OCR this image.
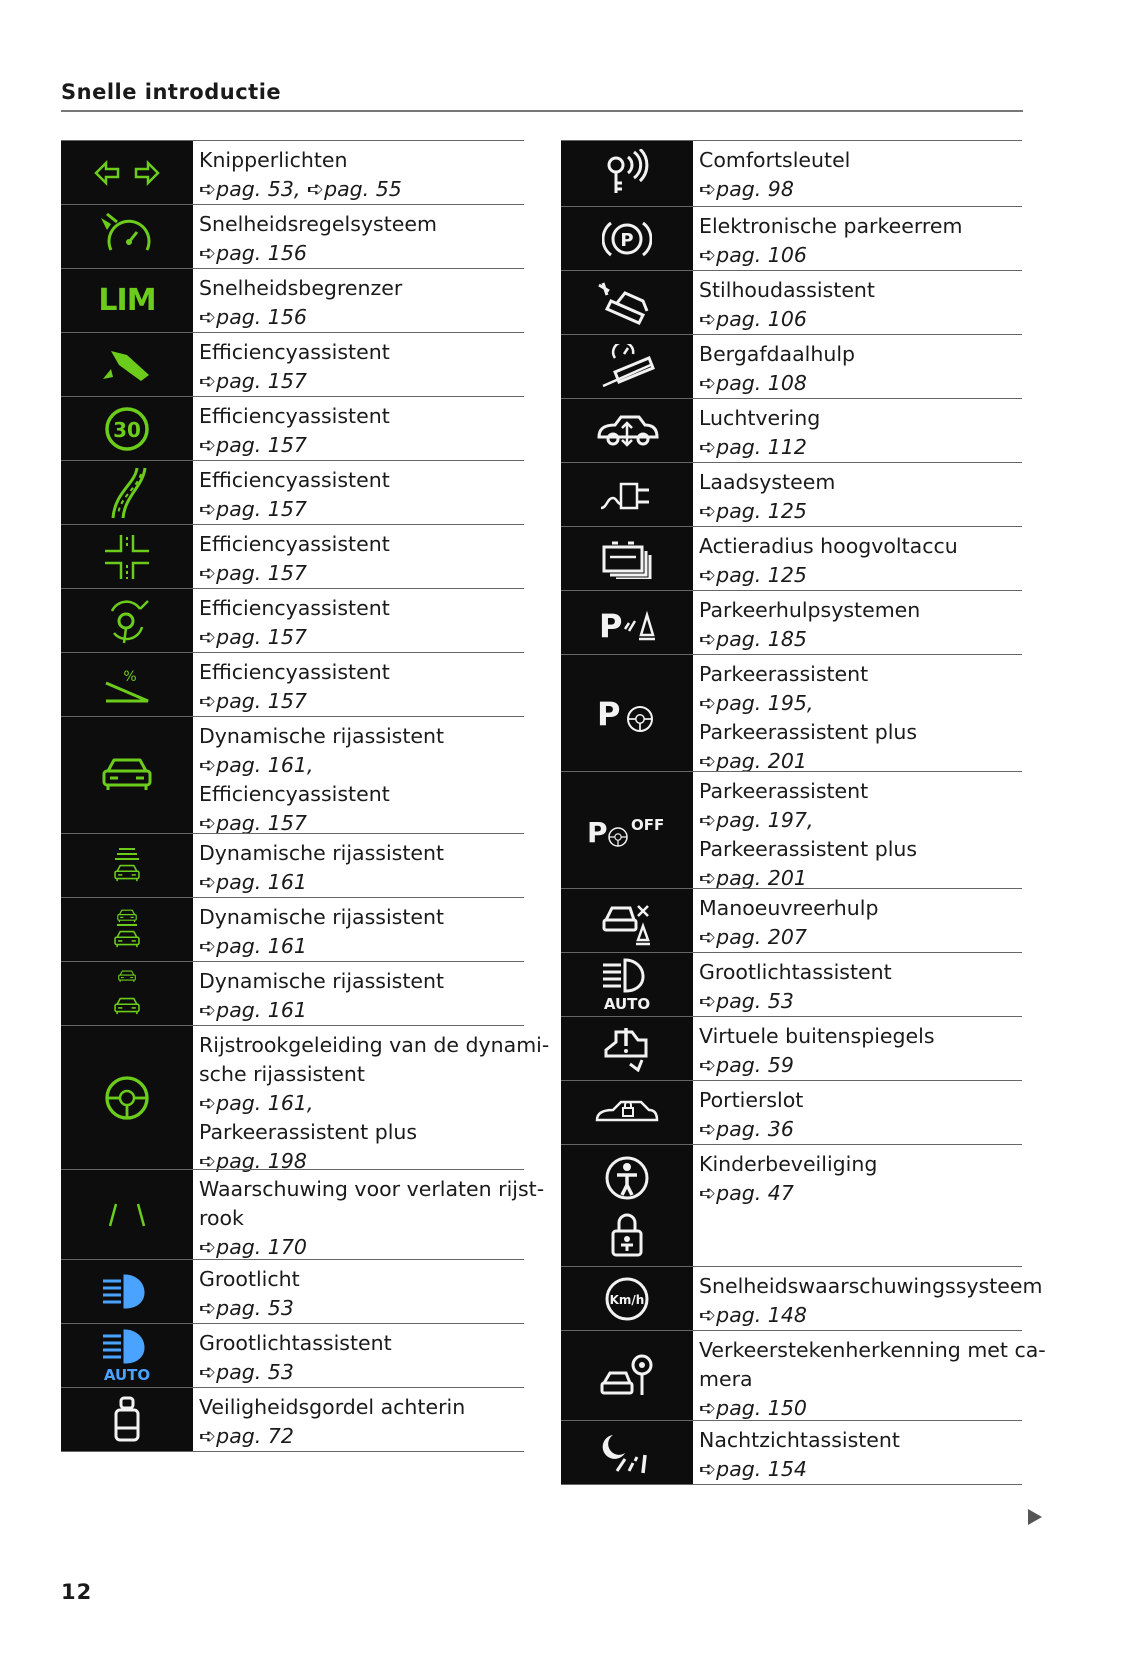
Snelle introductie
Knipperlichten
➪pag. 53, ➪pag. 55
Snelheidsregelsysteem
➪pag. 156
LIM Snelheidsbegrenzer
➪pag. 156
Efficiencyassistent
➪pag. 157
30
Efficiencyassistent
➪pag. 157
Efficiencyassistent
➪pag. 157
Efficiencyassistent
➪pag. 157
Efficiencyassistent
➪pag. 157
%	Efficiencyassistent
➪pag. 157
Dynamische rijassistent
➪pag. 161,
Efficiencyassistent
➪pag. 157
Dynamische rijassistent
➪pag. 161
Dynamische rijassistent
➪pag. 161
Dynamische rijassistent
➪pag. 161
Rijstrookgeleiding van de dynami-
sche rijassistent
➪pag. 161,
Parkeerassistent plus
➪pag. 198
Waarschuwing voor verlaten rijst-
rook
➪pag. 170
Grootlicht
➪pag. 53
AUTO
Grootlichtassistent
➪pag. 53
Veiligheidsgordel achterin
➪pag. 72
Comfortsleutel
➪pag. 98
P
Elektronische parkeerrem
➪pag. 106
Stilhoudassistent
➪pag. 106
Bergafdaalhulp
➪pag. 108
Luchtvering
➪pag. 112
Laadsysteem
➪pag. 125
Actieradius hoogvoltaccu
➪pag. 125
P	Parkeerhulpsystemen
➪pag. 185
P
Parkeerassistent
➪pag. 195,
Parkeerassistent plus
➪pag. 201
P OFF
Parkeerassistent
➪pag. 197,
Parkeerassistent plus
➪pag. 201
Manoeuvreerhulp
➪pag. 207
AUTO
Grootlichtassistent
➪pag. 53
Virtuele buitenspiegels
➪pag. 59
Portierslot
➪pag. 36
Kinderbeveiliging
➪pag. 47
Km/h
Snelheidswaarschuwingssysteem
➪pag. 148
Verkeerstekenherkenning met ca-
mera
➪pag. 150
Nachtzichtassistent
➪pag. 154
12
